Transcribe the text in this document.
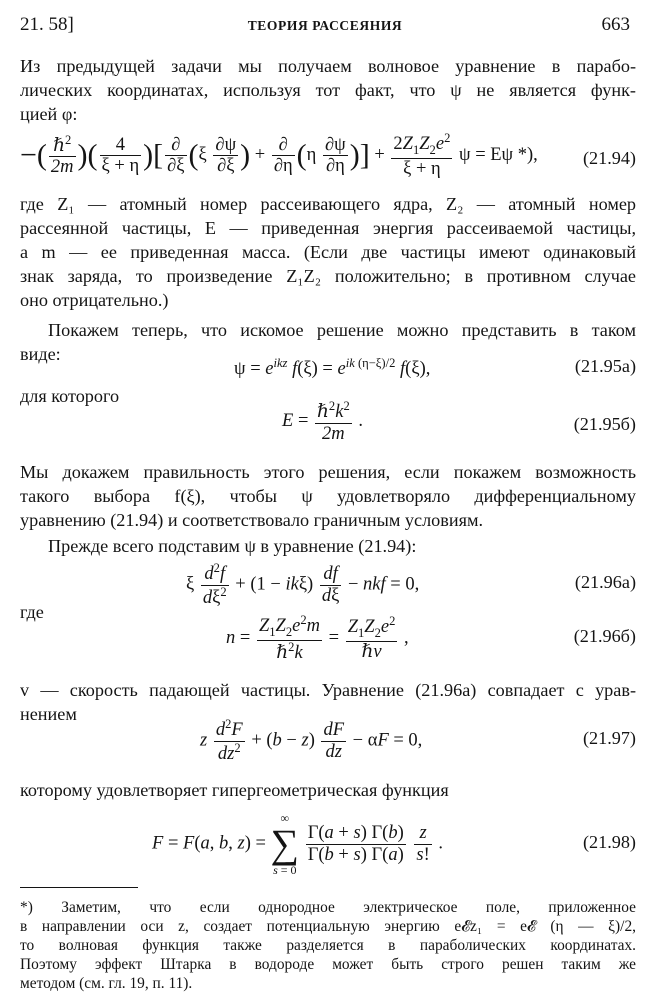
21. 58]	ТЕОРИЯ РАССЕЯНИЯ	663
Из предыдущей задачи мы получаем волновое уравнение в парабо-
лических координатах, используя тот факт, что ψ не является функ-
цией φ:
−( $\frac{\hbar^2}{2m}$ )( $\frac{4}{\xi + \eta}$ )[ $\frac{\partial}{\partial\xi} (\xi \frac{\partial\psi}{\partial\xi}$ ) + $\frac{\partial}{\partial\eta} (\eta \frac{\partial\psi}{\partial\eta}$ )] + $\frac{2Z_1Z_2e^2}{\xi + \eta}$ ψ = Eψ *), (21.94)
где Z₁ — атомный номер рассеивающего ядра, Z₂ — атомный номер
рассеянной частицы, E — приведенная энергия рассеиваемой частицы,
а m — ее приведенная масса. (Если две частицы имеют одинаковый
знак заряда, то произведение Z₁Z₂ положительно; в противном случае
оно отрицательно.)
Покажем теперь, что искомое решение можно представить в таком
виде:
$\psi = e^{ikz}$ $f(\xi) = e^{ik (\eta-\xi)/2}$ f(ξ),	(21.95а)
для которого
$E = \frac{\hbar^2k^2}{2m}$ .	(21.95б)
Мы докажем правильность этого решения, если покажем возможность
такого выбора f(ξ), чтобы ψ удовлетворяло дифференциальному
уравнению (21.94) и соответствовало граничным условиям.
Прежде всего подставим ψ в уравнение (21.94):
ξ $\frac{d^2f}{d\xi^2} + (1 - ik\xi) \frac{df}{d\xi}$ − nkf = 0,	(21.96а)
где
$n = \frac{Z_1Z_2e^2m}{\hbar^2k} = \frac{Z_1Z_2e^2}{\text{ℏv}}$ ,	(21.96б)
v — скорость падающей частицы. Уравнение (21.96а) совпадает с урав-
нением
z $\frac{d^2F}{dz^2} + (b - z) \frac{dF}{dz} - \alpha F = 0$,	(21.97)
которому удовлетворяет гипергеометрическая функция
F = F(a, b, z) =
∞
∑
s = 0

$\frac{\Gamma(a + s) \Gamma(b)}{\Gamma(b + s) \Gamma(a)}$
$\frac{z}{s!}$ .	(21.98)
*) Заметим, что если однородное электрическое поле, приложенное
в направлении оси z, создает потенциальную энергию e𝓔z₁ = e𝓔 (η — ξ)/2,
то волновая функция также разделяется в параболических координатах.
Поэтому эффект Штарка в водороде может быть строго решен таким же
методом (см. гл. 19, п. 11).
